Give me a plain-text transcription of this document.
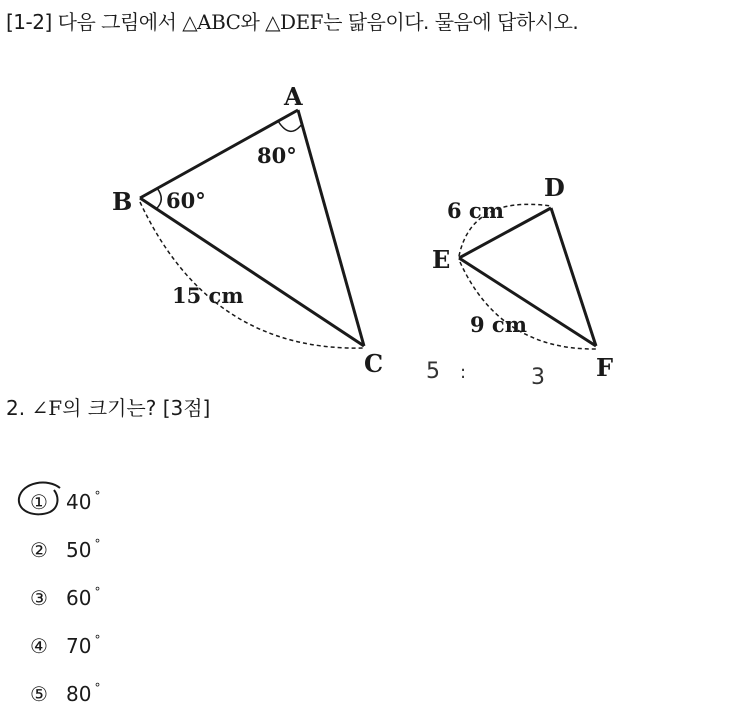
[1-2] 다음 그림에서 △ABC와 △DEF는 닮음이다. 물음에 답하시오.
A
B
C
D
E
F
80°
60°
15 cm
6 cm
9 cm
5 :	3
2. ∠F의 크기는? [3점]
① 40 °
② 50 °
③ 60 °
④ 70 °
⑤ 80 °
